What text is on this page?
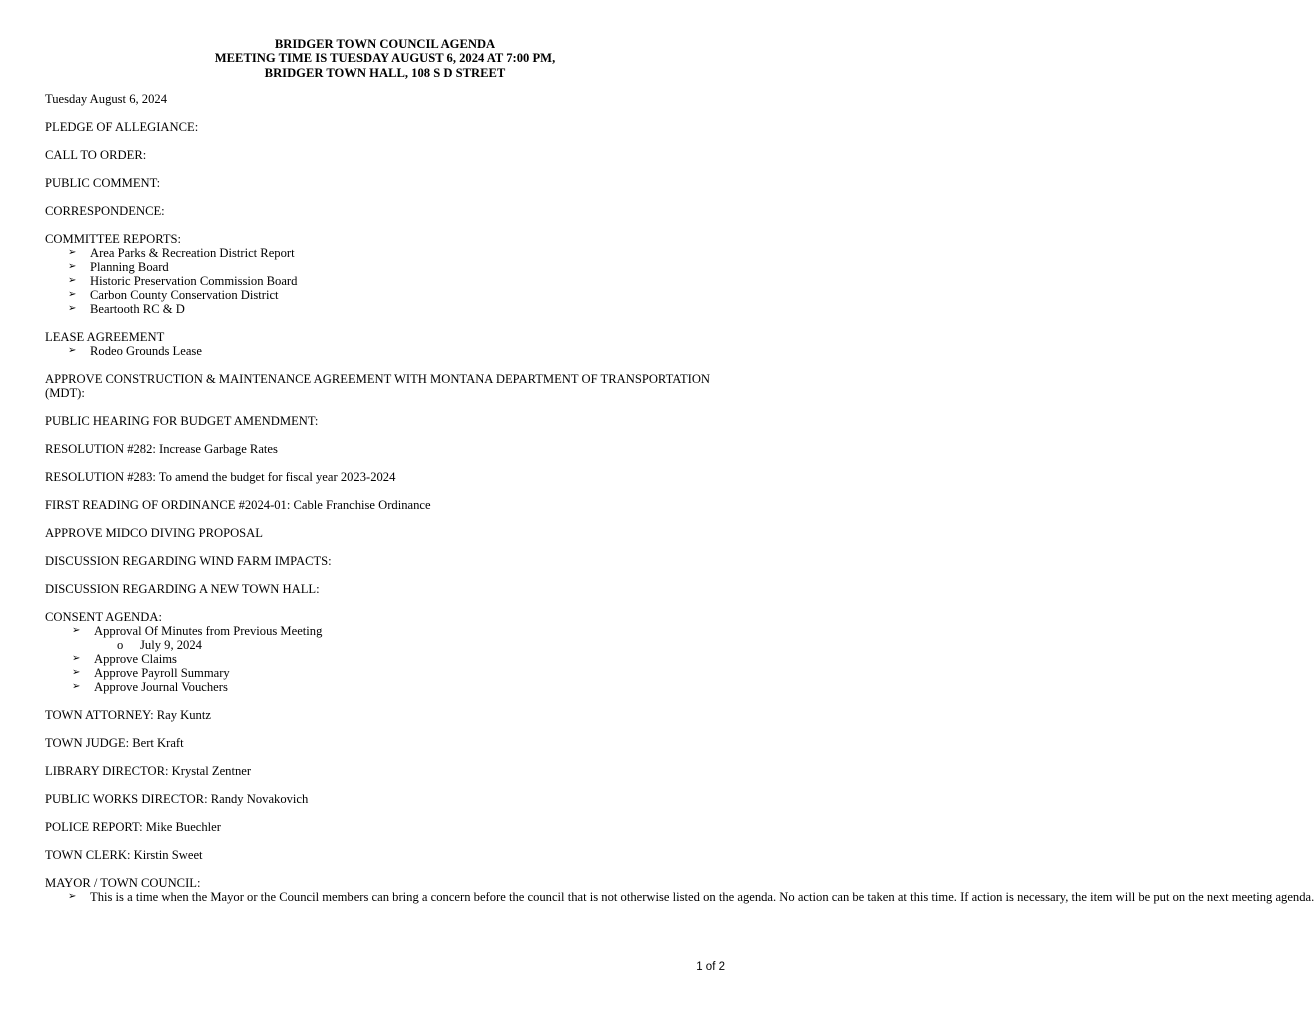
BRIDGER TOWN COUNCIL AGENDA
MEETING TIME IS TUESDAY AUGUST 6, 2024 AT 7:00 PM,
BRIDGER TOWN HALL, 108 S D STREET

Tuesday August 6, 2024

PLEDGE OF ALLEGIANCE:

CALL TO ORDER:

PUBLIC COMMENT:

CORRESPONDENCE:

COMMITTEE REPORTS:
➢ Area Parks & Recreation District Report
➢ Planning Board
➢ Historic Preservation Commission Board
➢ Carbon County Conservation District
➢ Beartooth RC & D
LEASE AGREEMENT
➢ Rodeo Grounds Lease

APPROVE CONSTRUCTION & MAINTENANCE AGREEMENT WITH MONTANA DEPARTMENT OF TRANSPORTATION (MDT):

PUBLIC HEARING FOR BUDGET AMENDMENT:

RESOLUTION #282: Increase Garbage Rates

RESOLUTION #283: To amend the budget for fiscal year 2023-2024

FIRST READING OF ORDINANCE #2024-01: Cable Franchise Ordinance

APPROVE MIDCO DIVING PROPOSAL

DISCUSSION REGARDING WIND FARM IMPACTS:

DISCUSSION REGARDING A NEW TOWN HALL:

CONSENT AGENDA:
➢ Approval Of Minutes from Previous Meeting
o July 9, 2024
➢ Approve Claims
➢ Approve Payroll Summary
➢ Approve Journal Vouchers

TOWN ATTORNEY: Ray Kuntz

TOWN JUDGE: Bert Kraft

LIBRARY DIRECTOR: Krystal Zentner

PUBLIC WORKS DIRECTOR: Randy Novakovich

POLICE REPORT: Mike Buechler

TOWN CLERK: Kirstin Sweet

MAYOR / TOWN COUNCIL:
➢ This is a time when the Mayor or the Council members can bring a concern before the council that is not otherwise listed on the agenda. No action can be taken at this time. If action is necessary, the item will be put on the next meeting agenda.
1 of 2
